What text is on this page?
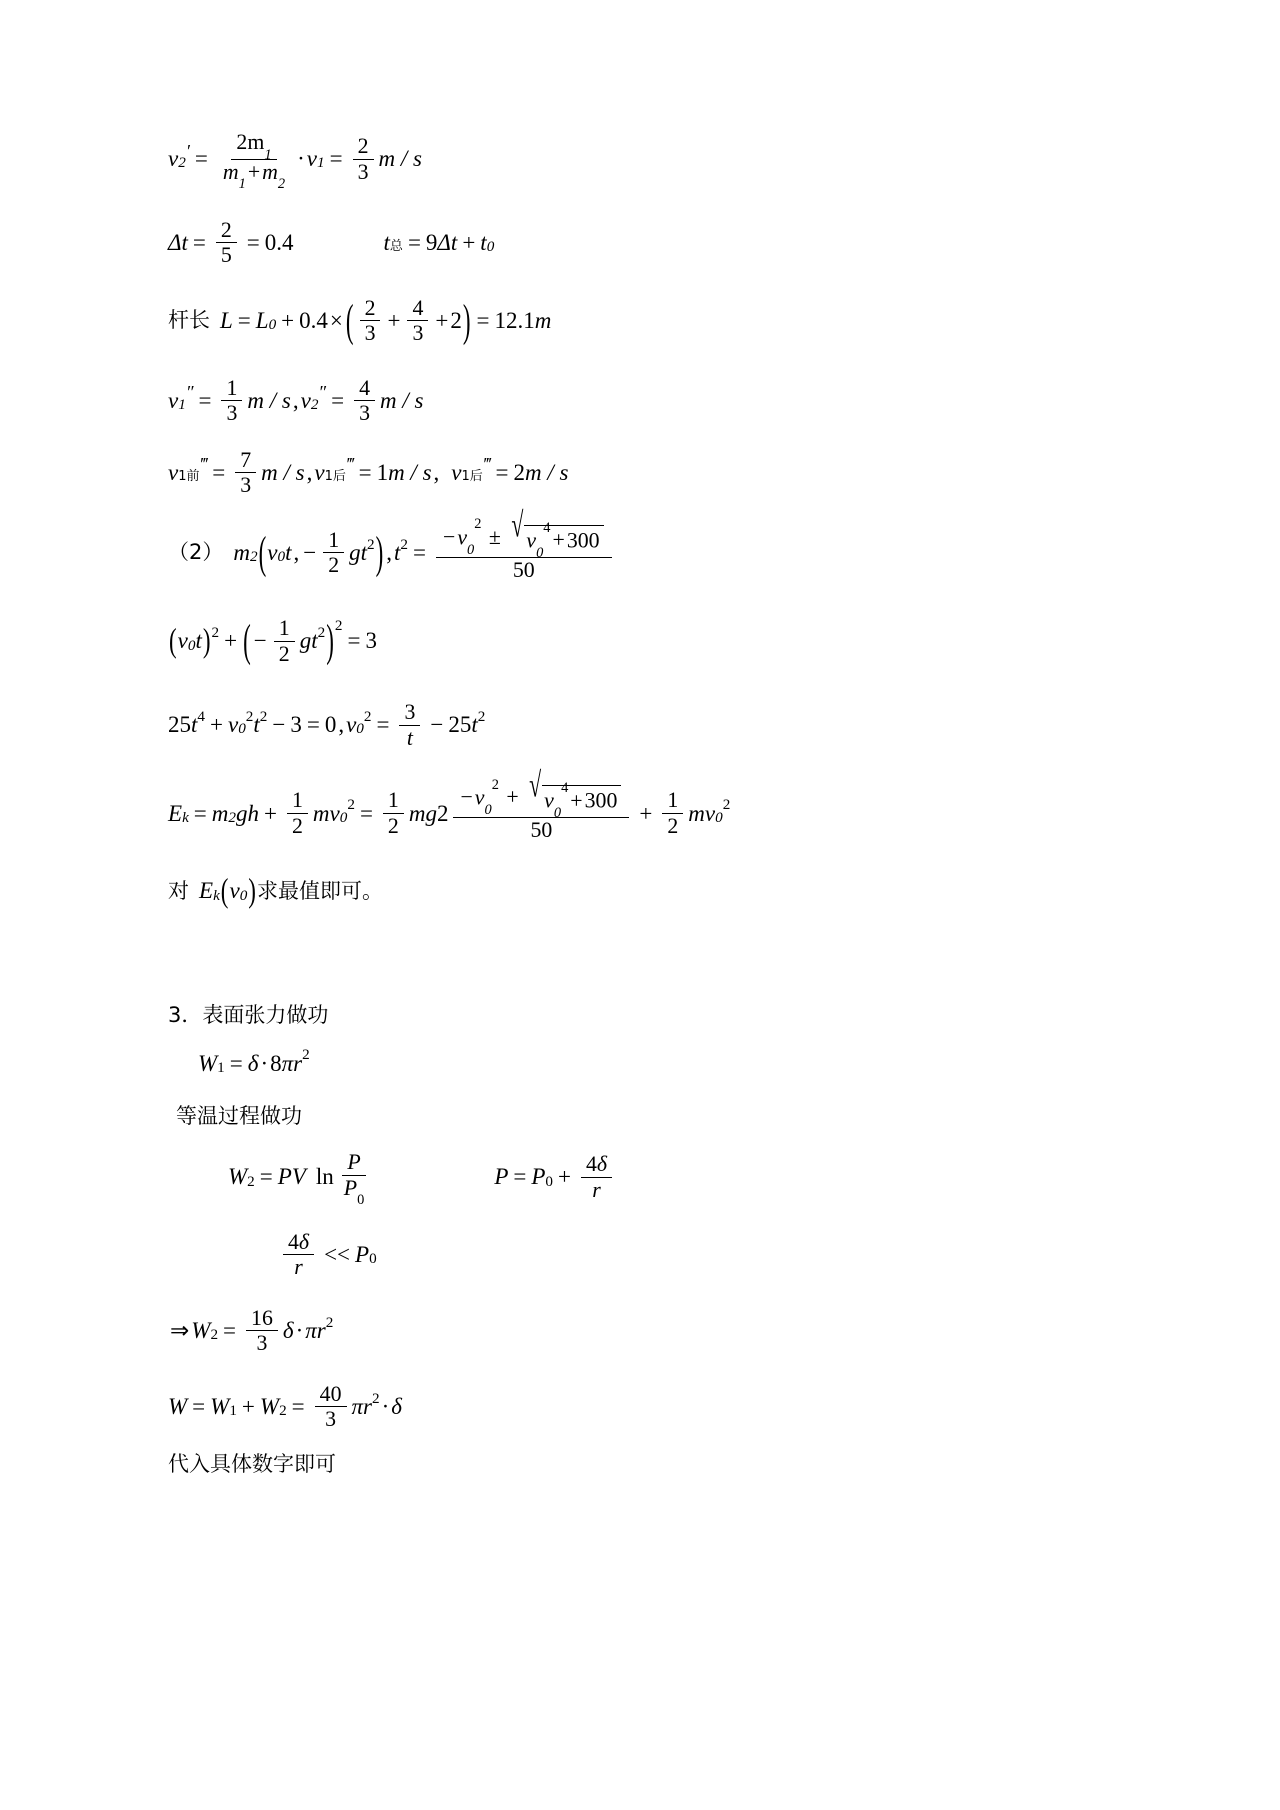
v 2
′ = $\frac{2m_1}{m_1+m_2} \cdot v$ $1 = \frac{2}{3}$ m / s
$\Delta t = \frac{2}{5} = 0.4$	t 总 = 9 Δt + t 0
杆长 L = L 0 + 0.4 × ( $\frac{2}{3} + \frac{4}{3} + 2$ ) = 12.1 m
v 1
″ = $\frac{1}{3}$ m / s , v 2
″ = $\frac{4}{3}$ m / s
v 1前
‴ = $\frac{7}{3}$ m / s , v 1后
‴ = 1 m / s , v 1后
‴ = 2 m / s
（2） m 2 ( v 0 t , − $\frac{1}{2}$ g t 2 ) , t $2 = \frac{-v_0^2 \pm √ v_0^4+300}{50}$
( v 0 t ) 2 + ( − $\frac{1}{2}$ g t 2 ) 2
= 3
25 t 4 + v 0
2 t 2 − 3 = 0 , v 0
$2 = \frac{3}{t} - 25$ t 2
E k = m 2 g $h + \frac{1}{2}$ m v 0
$2 = \frac{1}{2}$ m g $2 \frac{-v_0^2 + √ v_0^4+300}{50} + \frac{1}{2}$ m v 0
2
对 E k ( v 0 ) 求最值即可。
3．表面张力做功
W 1 = δ · 8 π r 2
等温过程做功
W 2 = P V $\ln \frac{P}{P_0}$	P = P $0 + \frac{4\delta}{r}$
$\frac{4\delta}{r} << P$ 0
⇒ W $2 = \frac{16}{3}$ δ · π r 2
W = W 1 + W $2 = \frac{40}{3}$ π r 2 · δ
代入具体数字即可
